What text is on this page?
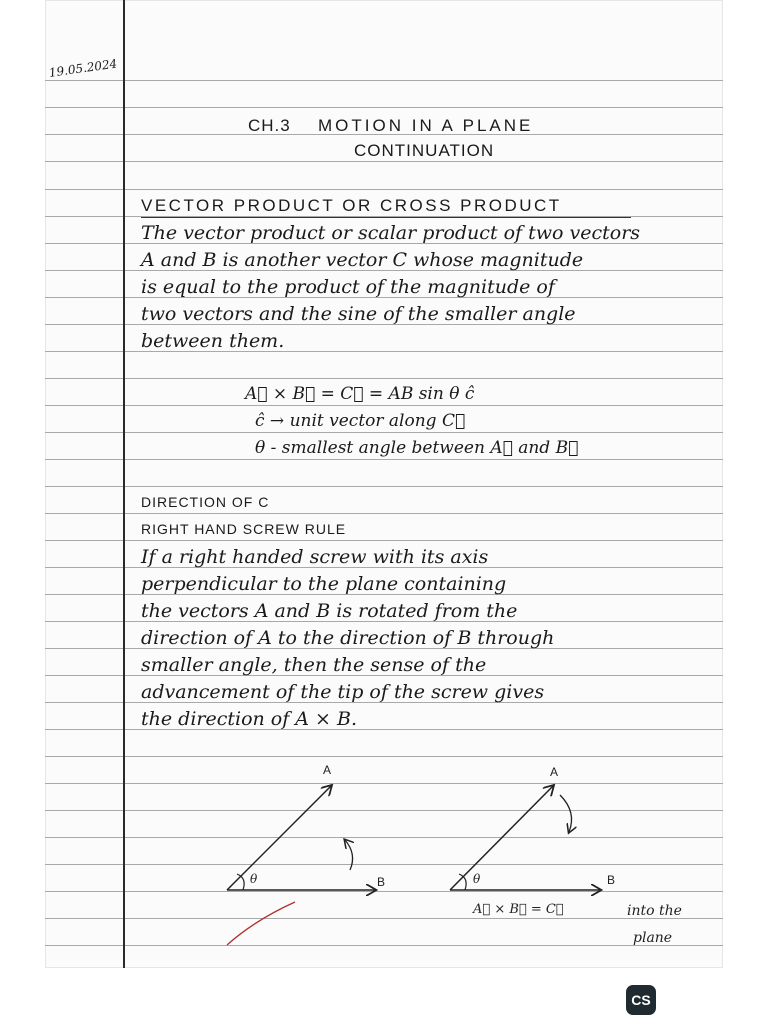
19.05.2024
CH.3 MOTION IN A PLANE
CONTINUATION
VECTOR PRODUCT OR CROSS PRODUCT
The vector product or scalar product of two vectors
A and B is another vector C whose magnitude
is equal to the product of the magnitude of
two vectors and the sine of the smaller angle
between them.
A⃗ × B⃗ = C⃗ = AB sin θ ĉ
ĉ → unit vector along C⃗
θ - smallest angle between A⃗ and B⃗
DIRECTION OF C
RIGHT HAND SCREW RULE
If a right handed screw with its axis
perpendicular to the plane containing
the vectors A and B is rotated from the
direction of A to the direction of B through
smaller angle, then the sense of the
advancement of the tip of the screw gives
the direction of A × B.
A
B
θ
A
B
θ
A⃗ × B⃗ = C⃗	into the
plane
CS
